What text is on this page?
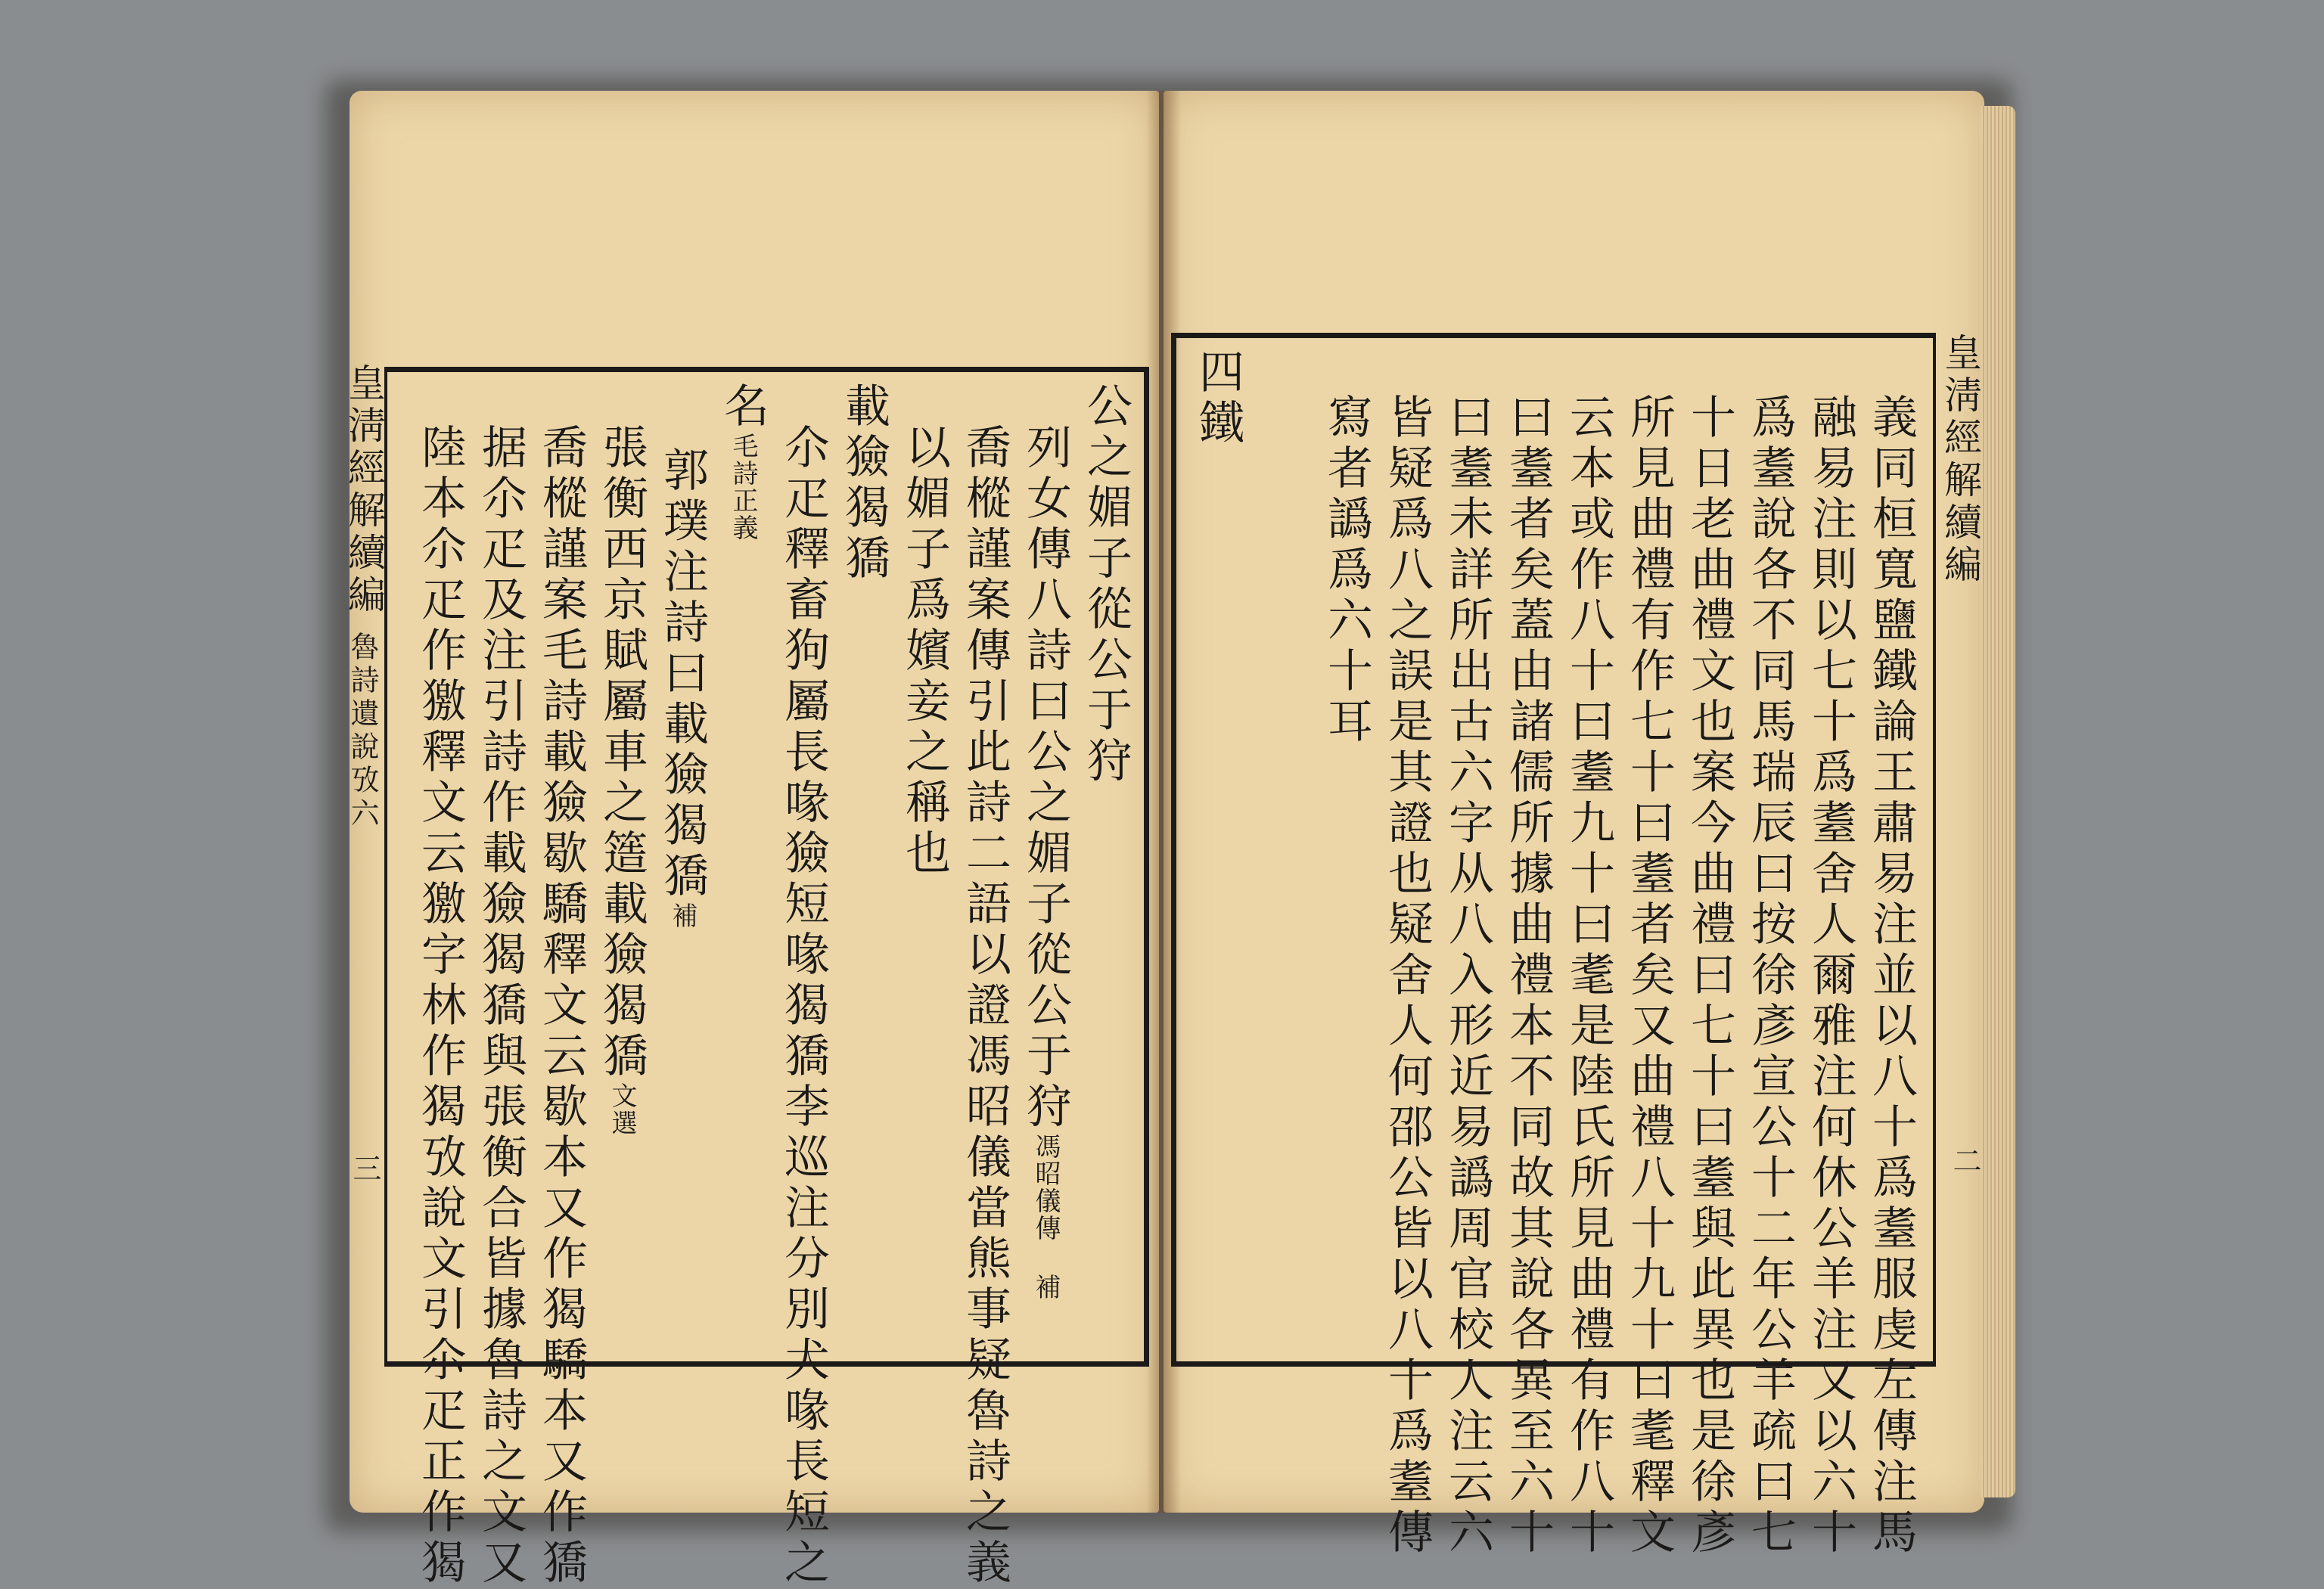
皇淸經解續編
魯詩遺說攷六
三
公之媚子從公于狩
列女傳八詩曰公之媚子從公于狩馮昭儀傳 補
喬樅謹案傳引此詩二語以證馮昭儀當熊事疑魯詩之義
以媚子爲嬪妾之稱也
載獫猲獢
尒疋釋畜狗屬長喙獫短喙猲獢李巡注分別犬喙長短之
名毛詩正義
郭璞注詩曰載獫猲獢補
張衡西京賦屬車之簉載獫猲獢文選
喬樅謹案毛詩載獫歇驕釋文云歇本又作猲驕本又作獢
据尒疋及注引詩作載獫猲獢與張衡合皆據魯詩之文又
陸本尒疋作獥釋文云獥字林作猲攷說文引尒疋正作猲	皇淸經解續編
二
義同桓寬鹽鐵論王肅易注並以八十爲耋服虔左傳注馬
融易注則以七十爲耋舍人爾雅注何休公羊注又以六十
爲耋說各不同馬瑞辰曰按徐彥宣公十二年公羊疏曰七
十日老曲禮文也案今曲禮曰七十曰耋與此異也是徐彥
所見曲禮有作七十曰耋者矣又曲禮八十九十曰耄釋文
云本或作八十曰耋九十曰耄是陸氏所見曲禮有作八十
曰耋者矣蓋由諸儒所據曲禮本不同故其說各異至六十
曰耋未詳所出古六字从八入形近易譌周官校人注云六
皆疑爲八之誤是其證也疑舍人何邵公皆以八十爲耋傳
寫者譌爲六十耳
四鐵
